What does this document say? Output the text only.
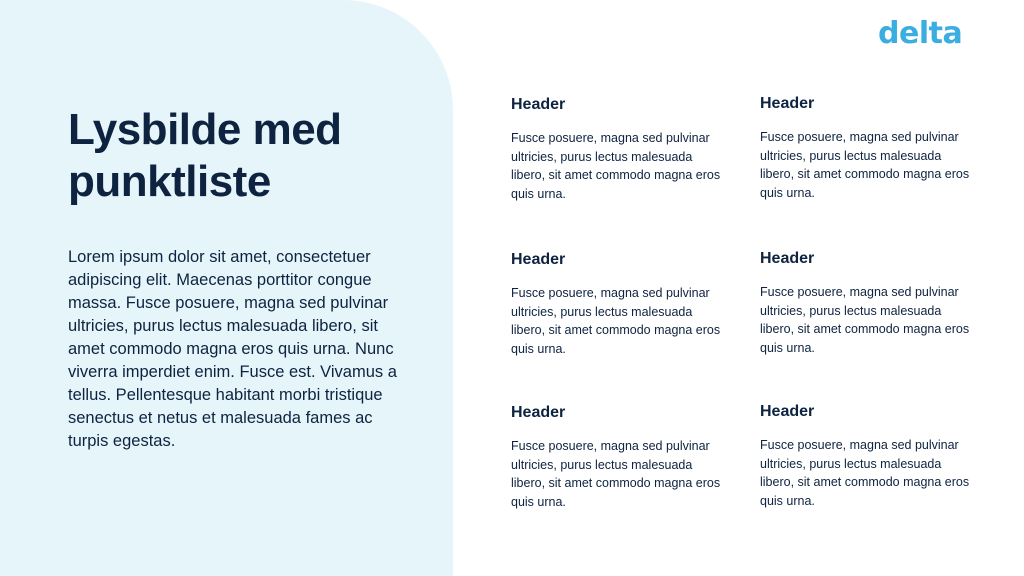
Lysbilde med punktliste

Lorem ipsum dolor sit amet, consectetuer adipiscing elit. Maecenas porttitor congue massa. Fusce posuere, magna sed pulvinar ultricies, purus lectus malesuada libero, sit amet commodo magna eros quis urna. Nunc viverra imperdiet enim. Fusce est. Vivamus a tellus. Pellentesque habitant morbi tristique senectus et netus et malesuada fames ac turpis egestas.

delta
Header

Fusce posuere, magna sed pulvinar ultricies, purus lectus malesuada libero, sit amet commodo magna eros quis urna.

Header

Fusce posuere, magna sed pulvinar ultricies, purus lectus malesuada libero, sit amet commodo magna eros quis urna.

Header

Fusce posuere, magna sed pulvinar ultricies, purus lectus malesuada libero, sit amet commodo magna eros quis urna.

Header

Fusce posuere, magna sed pulvinar ultricies, purus lectus malesuada libero, sit amet commodo magna eros quis urna.

Header

Fusce posuere, magna sed pulvinar ultricies, purus lectus malesuada libero, sit amet commodo magna eros quis urna.

Header

Fusce posuere, magna sed pulvinar ultricies, purus lectus malesuada libero, sit amet commodo magna eros quis urna.
